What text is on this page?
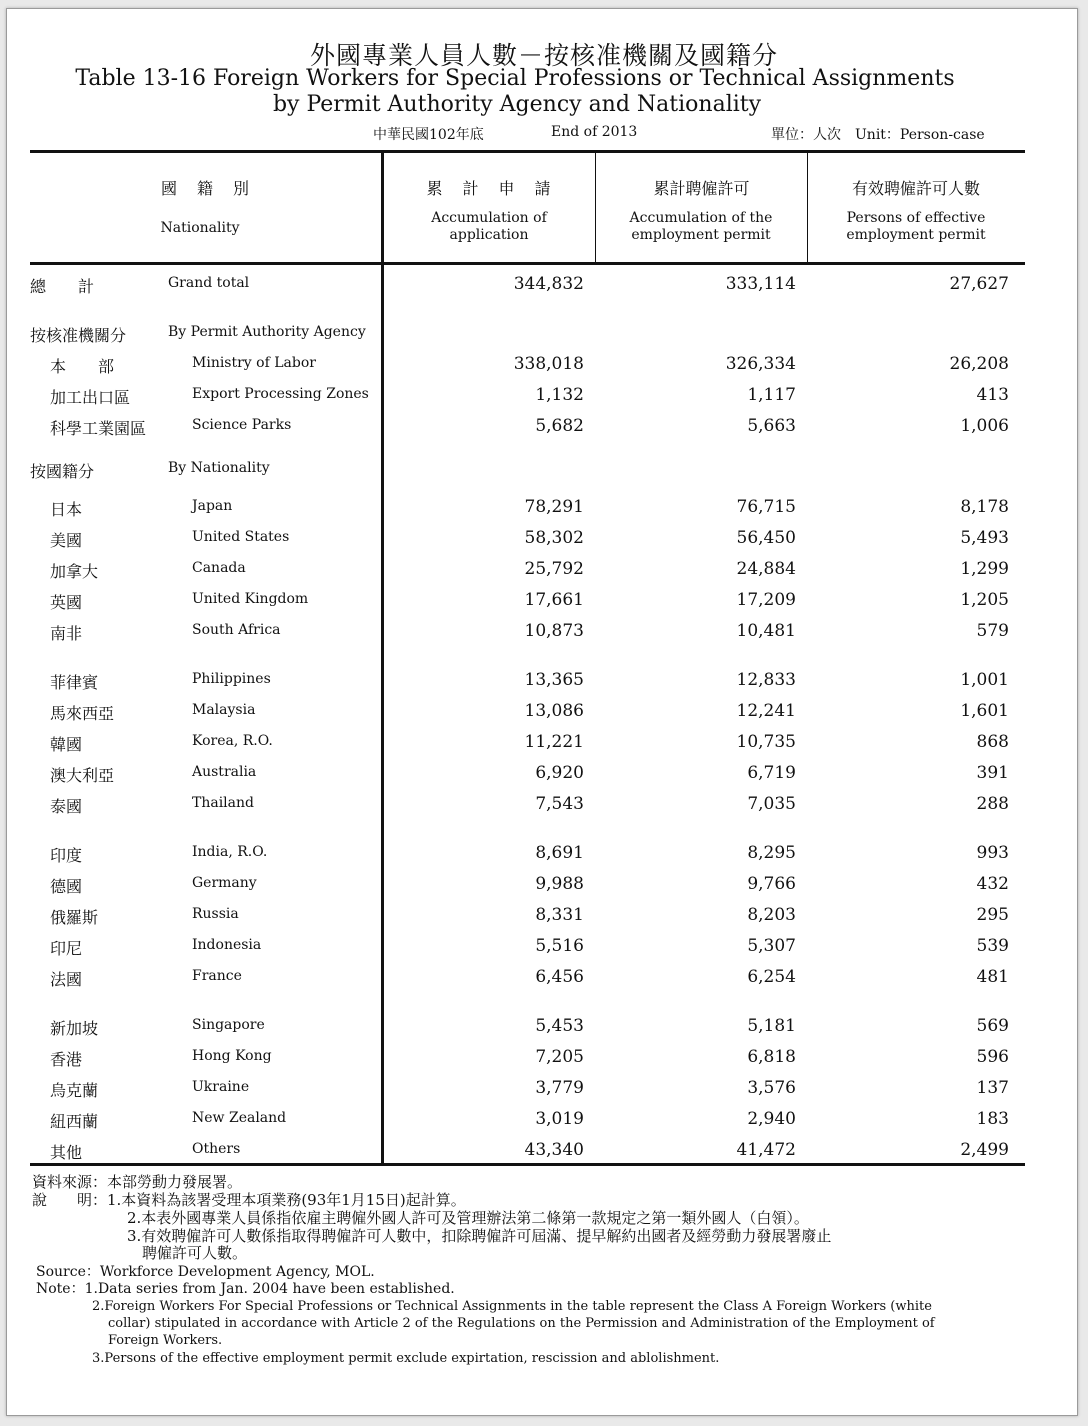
外國專業人員人數－按核准機關及國籍分
Table 13-16 Foreign Workers for Special Professions or Technical Assignments
by Permit Authority Agency and Nationality
中華民國102年底	End of 2013	單位：人次　Unit：Person-case
國　籍　別
Nationality
累　計　申　請
Accumulation of application
累計聘僱許可
Accumulation of the employment permit
有效聘僱許可人數
Persons of effective employment permit
總　　計	Grand total	344,832	333,114	27,627
按核准機關分	By Permit Authority Agency
本　　部	Ministry of Labor	338,018	326,334	26,208
加工出口區	Export Processing Zones	1,132	1,117	413
科學工業園區	Science Parks	5,682	5,663	1,006
按國籍分	By Nationality
日本	Japan	78,291	76,715	8,178
美國	United States	58,302	56,450	5,493
加拿大	Canada	25,792	24,884	1,299
英國	United Kingdom	17,661	17,209	1,205
南非	South Africa	10,873	10,481	579
菲律賓	Philippines	13,365	12,833	1,001
馬來西亞	Malaysia	13,086	12,241	1,601
韓國	Korea, R.O.	11,221	10,735	868
澳大利亞	Australia	6,920	6,719	391
泰國	Thailand	7,543	7,035	288
印度	India, R.O.	8,691	8,295	993
德國	Germany	9,988	9,766	432
俄羅斯	Russia	8,331	8,203	295
印尼	Indonesia	5,516	5,307	539
法國	France	6,456	6,254	481
新加坡	Singapore	5,453	5,181	569
香港	Hong Kong	7,205	6,818	596
烏克蘭	Ukraine	3,779	3,576	137
紐西蘭	New Zealand	3,019	2,940	183
其他	Others	43,340	41,472	2,499
資料來源：本部勞動力發展署。
說　　明：1.本資料為該署受理本項業務(93年1月15日)起計算。
2.本表外國專業人員係指依雇主聘僱外國人許可及管理辦法第二條第一款規定之第一類外國人（白領）。
3.有效聘僱許可人數係指取得聘僱許可人數中，扣除聘僱許可屆滿、提早解約出國者及經勞動力發展署廢止
聘僱許可人數。
Source：Workforce Development Agency, MOL.
Note：1.Data series from Jan. 2004 have been established.
2.Foreign Workers For Special Professions or Technical Assignments in the table represent the Class A Foreign Workers (white
collar) stipulated in accordance with Article 2 of the Regulations on the Permission and Administration of the Employment of
Foreign Workers.
3.Persons of the effective employment permit exclude expirtation, rescission and ablolishment.
